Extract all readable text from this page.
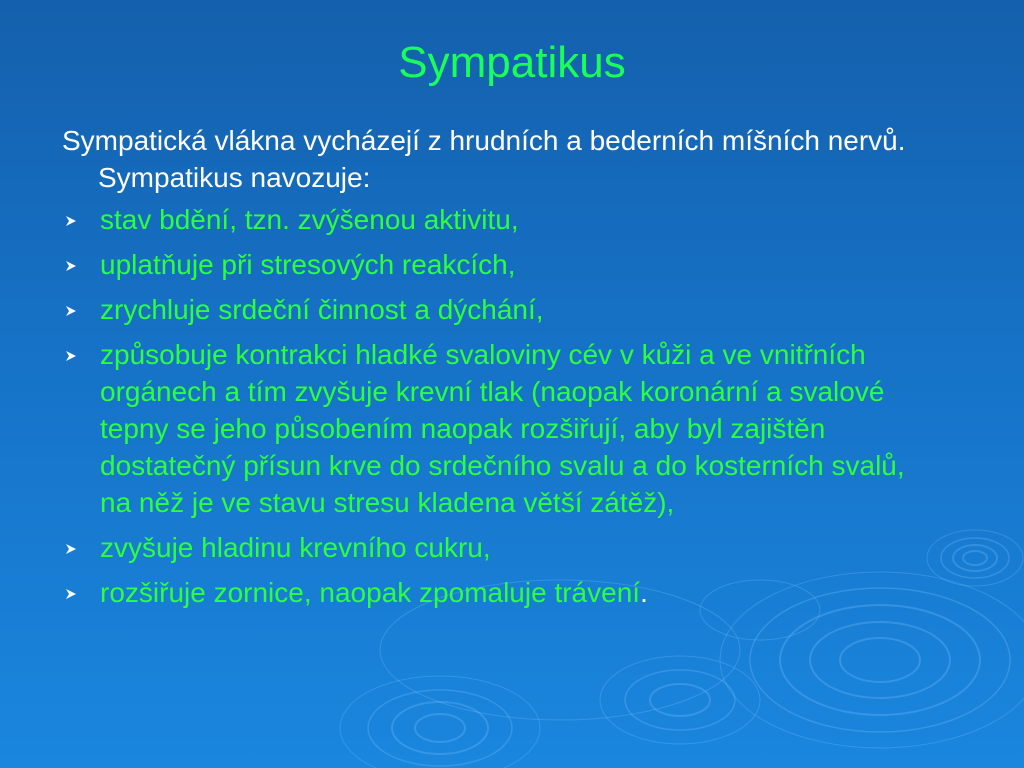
Sympatikus

Sympatická vlákna vycházejí z hrudních a bederních míšních nervů. Sympatikus navozuje:

stav bdění, tzn. zvýšenou aktivitu,
uplatňuje při stresových reakcích,
zrychluje srdeční činnost a dýchání,
způsobuje kontrakci hladké svaloviny cév v kůži a ve vnitřních orgánech a tím zvyšuje krevní tlak (naopak koronární a svalové tepny se jeho působením naopak rozšiřují, aby byl zajištěn dostatečný přísun krve do srdečního svalu a do kosterních svalů, na něž je ve stavu stresu kladena větší zátěž),
zvyšuje hladinu krevního cukru,
rozšiřuje zornice, naopak zpomaluje trávení.
